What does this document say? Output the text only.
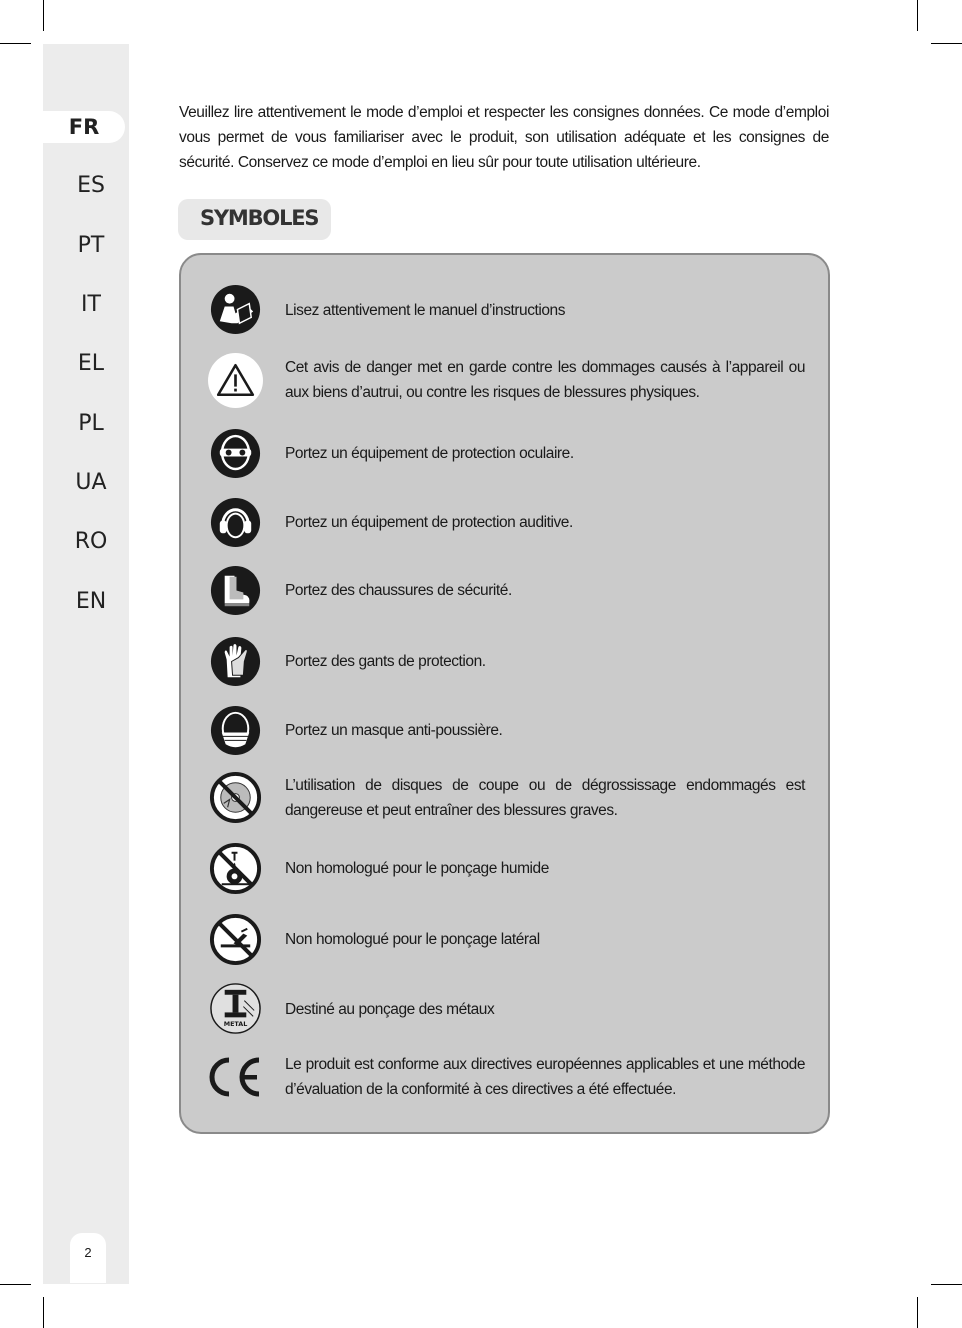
FR
ES
PT
IT
EL
PL
UA
RO
EN
2
Veuillez lire attentivement le mode d’emploi et respecter les consignes données. Ce mode d’emploi vous permet de vous familiariser avec le produit, son utilisation adéquate et les consignes de sécurité. Conservez ce mode d’emploi en lieu sûr pour toute utilisation ultérieure.
SYMBOLES
Lisez attentivement le manuel d’instructions
Cet avis de danger met en garde contre les dommages causés à l’appareil ou aux biens d’autrui, ou contre les risques de blessures physiques.
Portez un équipement de protection oculaire.
Portez un équipement de protection auditive.
Portez des chaussures de sécurité.
Portez des gants de protection.
Portez un masque anti-poussière.
L’utilisation de disques de coupe ou de dégrossissage endommagés est dangereuse et peut entraîner des blessures graves.
Non homologué pour le ponçage humide
Non homologué pour le ponçage latéral
METAL
Destiné au ponçage des métaux
Le produit est conforme aux directives européennes applicables et une méthode d’évaluation de la conformité à ces directives a été effectuée.
